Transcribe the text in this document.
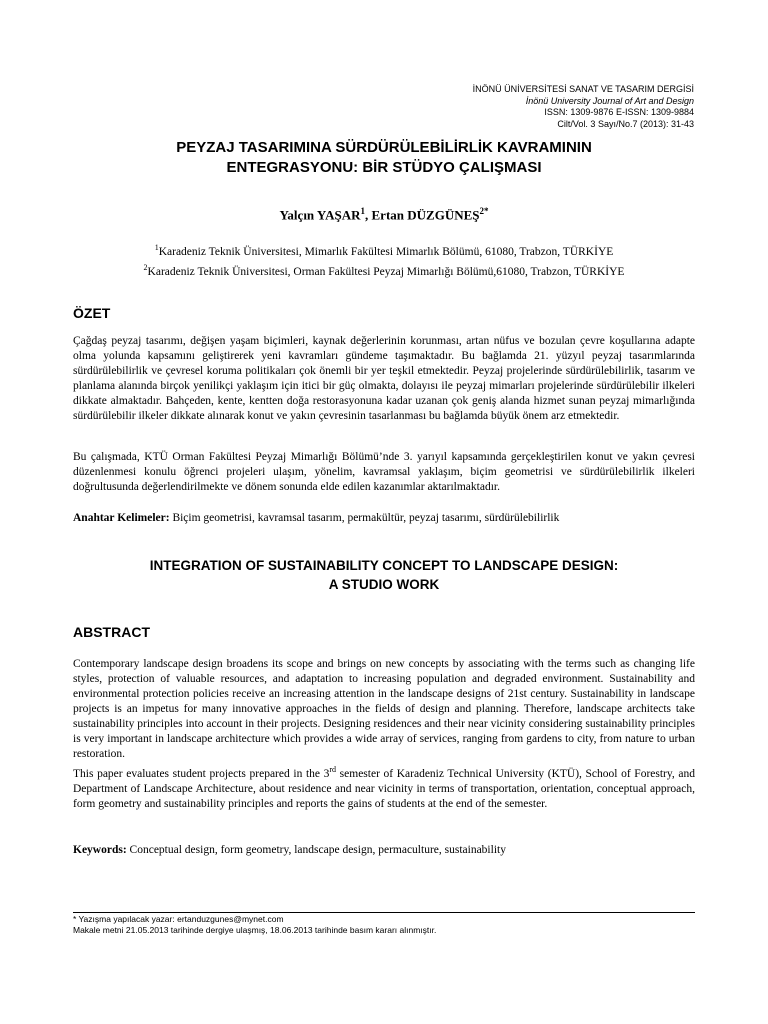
İNÖNÜ ÜNİVERSİTESİ SANAT VE TASARIM DERGİSİ
İnönü University Journal of Art and Design
ISSN: 1309-9876 E-ISSN: 1309-9884
Cilt/Vol. 3 Sayı/No.7 (2013): 31-43
PEYZAJ TASARIMINA SÜRDÜRÜLEBİLİRLİK KAVRAMININ
ENTEGRASYONU: BİR STÜDYO ÇALIŞMASI
Yalçın YAŞAR$^1$, Ertan $DÜZGÜNEŞ^{2*}$
$^1$Karadeniz Teknik Üniversitesi, Mimarlık Fakültesi Mimarlık Bölümü, 61080, Trabzon, TÜRKİYE
$^2$Karadeniz Teknik Üniversitesi, Orman Fakültesi Peyzaj Mimarlığı Bölümü,61080, Trabzon, TÜRKİYE
ÖZET
Çağdaş peyzaj tasarımı, değişen yaşam biçimleri, kaynak değerlerinin korunması, artan nüfus ve bozulan çevre koşullarına adapte olma yolunda kapsamını geliştirerek yeni kavramları gündeme taşımaktadır. Bu bağlamda 21. yüzyıl peyzaj tasarımlarında sürdürülebilirlik ve çevresel koruma politikaları çok önemli bir yer teşkil etmektedir. Peyzaj projelerinde sürdürülebilirlik, tasarım ve planlama alanında birçok yenilikçi yaklaşım için itici bir güç olmakta, dolayısı ile peyzaj mimarları projelerinde sürdürülebilir ilkeleri dikkate almaktadır. Bahçeden, kente, kentten doğa restorasyonuna kadar uzanan çok geniş alanda hizmet sunan peyzaj mimarlığında sürdürülebilir ilkeler dikkate alınarak konut ve yakın çevresinin tasarlanması bu bağlamda büyük önem arz etmektedir.
Bu çalışmada, KTÜ Orman Fakültesi Peyzaj Mimarlığı Bölümü’nde 3. yarıyıl kapsamında gerçekleştirilen konut ve yakın çevresi düzenlenmesi konulu öğrenci projeleri ulaşım, yönelim, kavramsal yaklaşım, biçim geometrisi ve sürdürülebilirlik ilkeleri doğrultusunda değerlendirilmekte ve dönem sonunda elde edilen kazanımlar aktarılmaktadır.
Anahtar Kelimeler: Biçim geometrisi, kavramsal tasarım, permakültür, peyzaj tasarımı, sürdürülebilirlik
INTEGRATION OF SUSTAINABILITY CONCEPT TO LANDSCAPE DESIGN:
A STUDIO WORK
ABSTRACT
Contemporary landscape design broadens its scope and brings on new concepts by associating with the terms such as changing life styles, protection of valuable resources, and adaptation to increasing population and degraded environment. Sustainability and environmental protection policies receive an increasing attention in the landscape designs of 21st century. Sustainability in landscape projects is an impetus for many innovative approaches in the fields of design and planning. Therefore, landscape architects take sustainability principles into account in their projects. Designing residences and their near vicinity considering sustainability principles is very important in landscape architecture which provides a wide array of services, ranging from gardens to city, from nature to urban restoration.
This paper evaluates student projects prepared in the 3rd semester of Karadeniz Technical University (KTÜ), School of Forestry, and Department of Landscape Architecture, about residence and near vicinity in terms of transportation, orientation, conceptual approach, form geometry and sustainability principles and reports the gains of students at the end of the semester.
Keywords: Conceptual design, form geometry, landscape design, permaculture, sustainability
* Yazışma yapılacak yazar: ertanduzgunes@mynet.com
Makale metni 21.05.2013 tarihinde dergiye ulaşmış, 18.06.2013 tarihinde basım kararı alınmıştır.
